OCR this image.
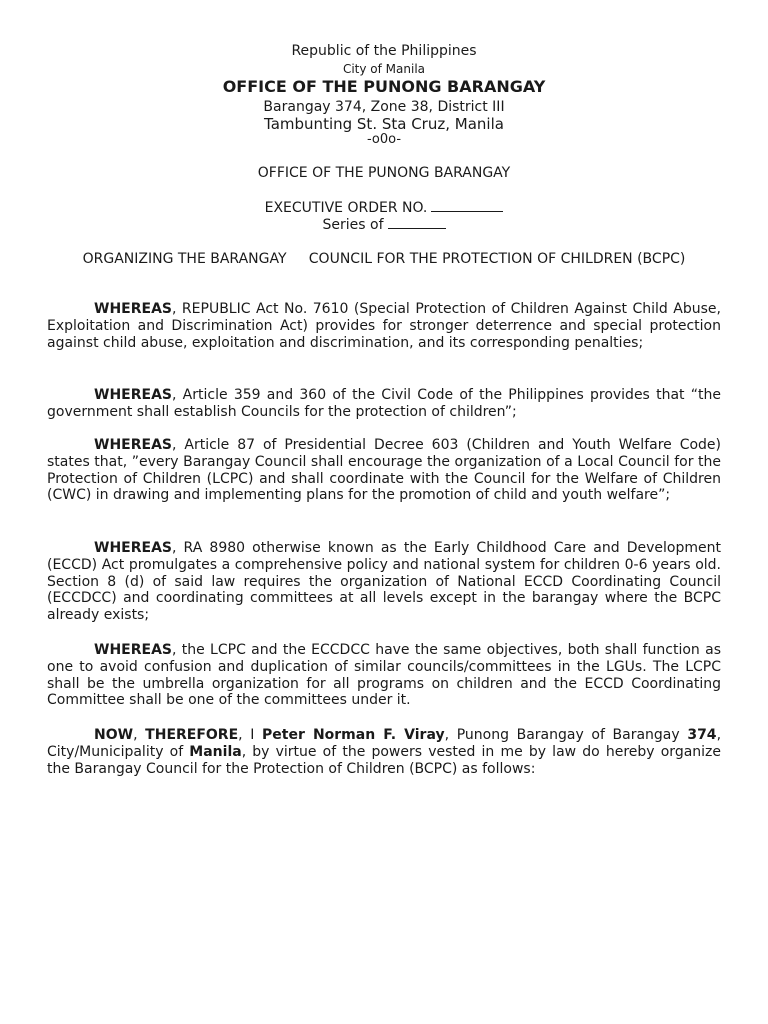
Republic of the Philippines
City of Manila
OFFICE OF THE PUNONG BARANGAY
Barangay 374, Zone 38, District III
Tambunting St. Sta Cruz, Manila
-o0o-
OFFICE OF THE PUNONG BARANGAY
EXECUTIVE ORDER NO.
Series of
ORGANIZING THE BARANGAY     COUNCIL FOR THE PROTECTION OF CHILDREN (BCPC)

WHEREAS, REPUBLIC Act No. 7610 (Special Protection of Children Against Child Abuse, Exploitation and Discrimination Act) provides for stronger deterrence and special protection against child abuse, exploitation and discrimination, and its corresponding penalties;

WHEREAS, Article 359 and 360 of the Civil Code of the Philippines provides that “the government shall establish Councils for the protection of children”;

WHEREAS, Article 87 of Presidential Decree 603 (Children and Youth Welfare Code) states that, ”every Barangay Council shall encourage the organization of a Local Council for the Protection of Children (LCPC) and shall coordinate with the Council for the Welfare of Children (CWC) in drawing and implementing plans for the promotion of child and youth welfare”;

WHEREAS, RA 8980 otherwise known as the Early Childhood Care and Development (ECCD) Act promulgates a comprehensive policy and national system for children 0-6 years old. Section 8 (d) of said law requires the organization of National ECCD Coordinating Council (ECCDCC) and coordinating committees at all levels except in the barangay where the BCPC already exists;

WHEREAS, the LCPC and the ECCDCC have the same objectives, both shall function as one to avoid confusion and duplication of similar councils/committees in the LGUs. The LCPC shall be the umbrella organization for all programs on children and the ECCD Coordinating Committee shall be one of the committees under it.

NOW, THEREFORE, I Peter Norman F. Viray, Punong Barangay of Barangay 374, City/Municipality of Manila, by virtue of the powers vested in me by law do hereby organize the Barangay Council for the Protection of Children (BCPC) as follows:
